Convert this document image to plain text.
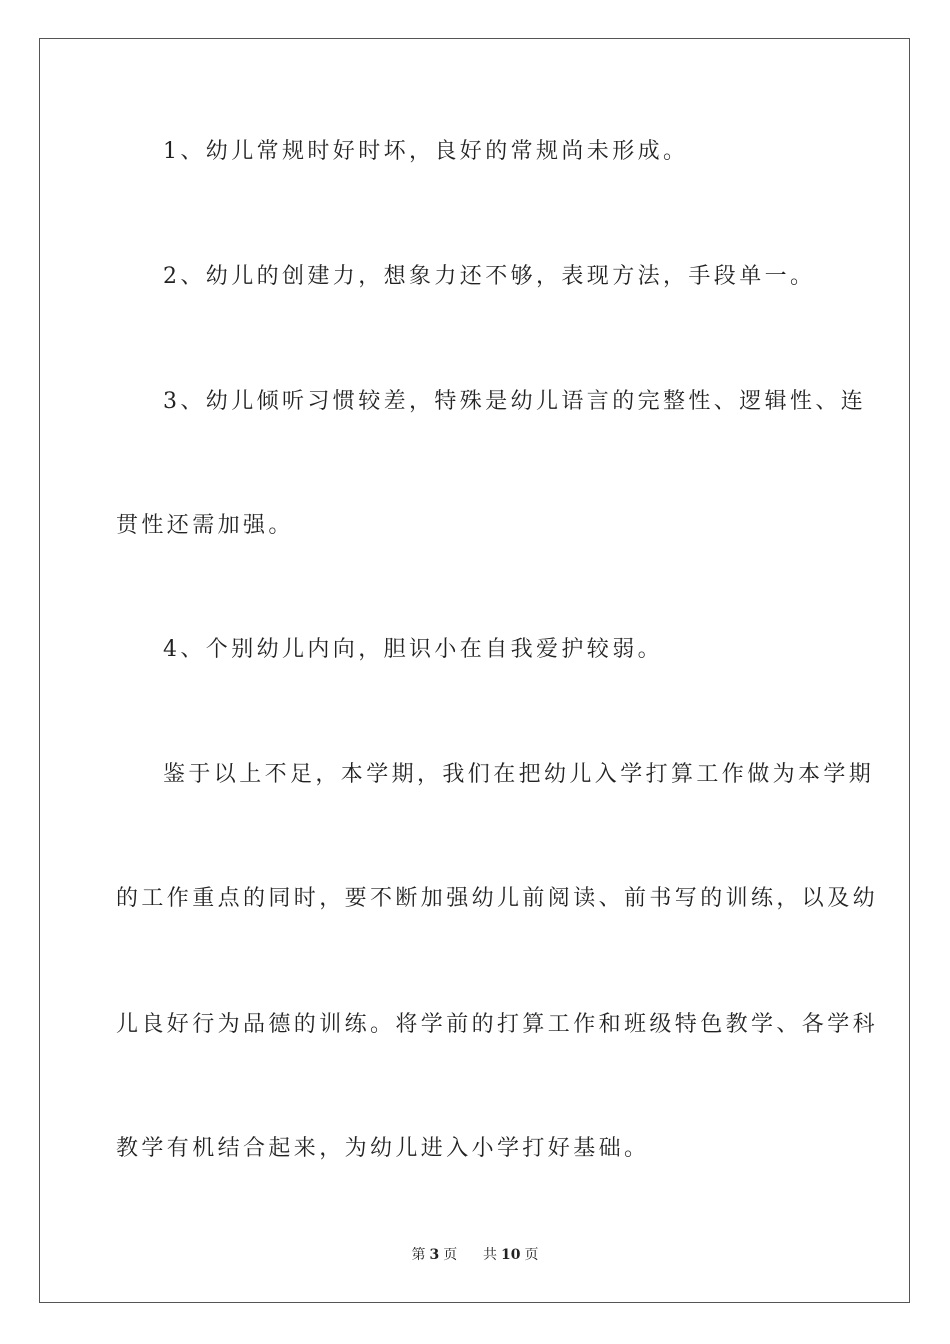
1、幼儿常规时好时坏，良好的常规尚未形成。
2、幼儿的创建力，想象力还不够，表现方法，手段单一。
3、幼儿倾听习惯较差，特殊是幼儿语言的完整性、逻辑性、连
贯性还需加强。
4、个别幼儿内向，胆识小在自我爱护较弱。
鉴于以上不足，本学期，我们在把幼儿入学打算工作做为本学期
的工作重点的同时，要不断加强幼儿前阅读、前书写的训练，以及幼
儿良好行为品德的训练。将学前的打算工作和班级特色教学、各学科
教学有机结合起来，为幼儿进入小学打好基础。
第 3 页 共 10 页
